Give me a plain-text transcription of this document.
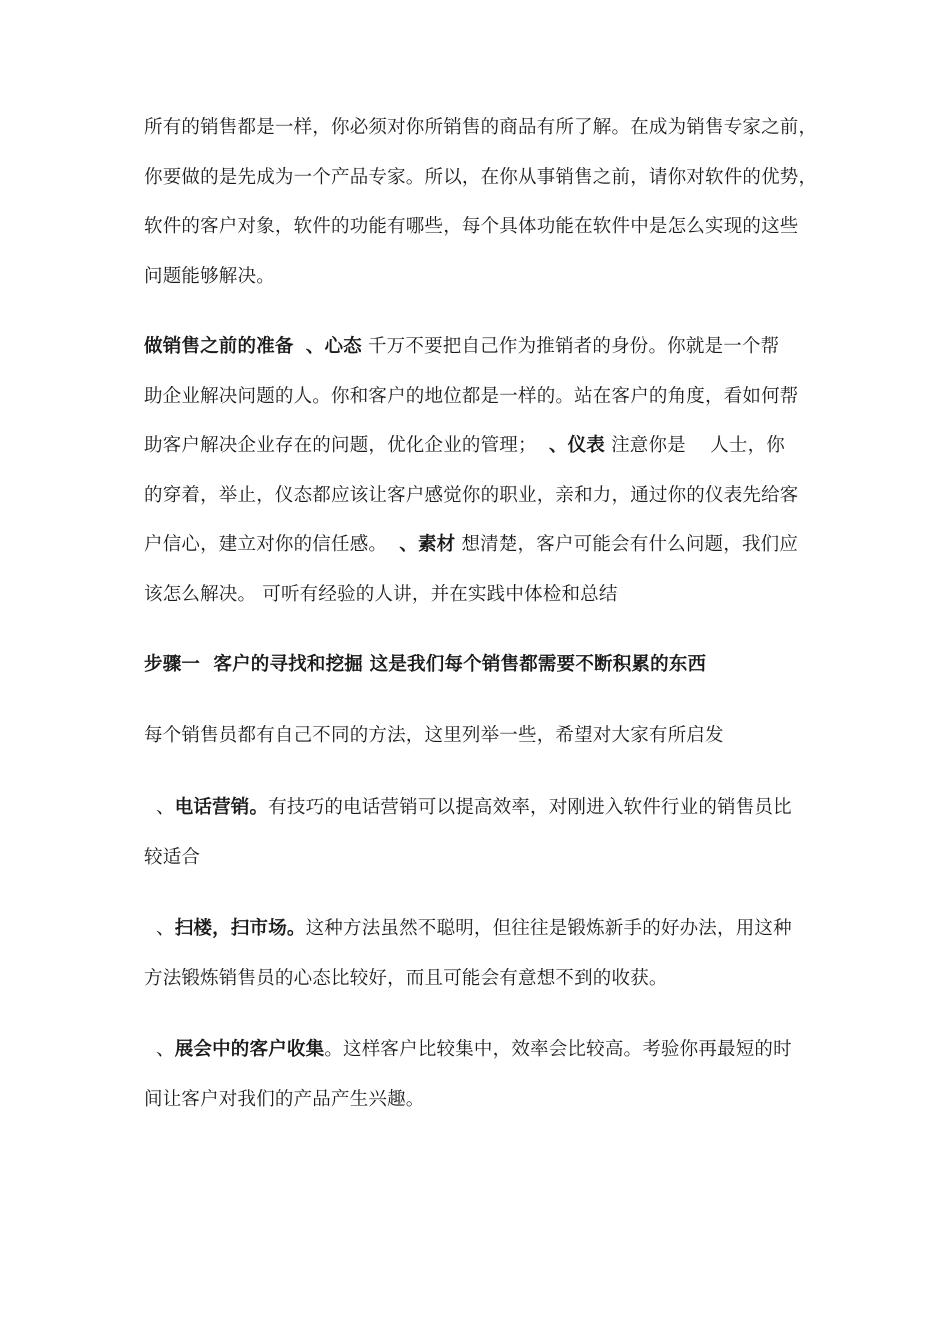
所有的销售都是一样，你必须对你所销售的商品有所了解。在成为销售专家之前，
你要做的是先成为一个产品专家。所以，在你从事销售之前，请你对软件的优势，
软件的客户对象，软件的功能有哪些，每个具体功能在软件中是怎么实现的这些
问题能够解决。
做销售之前的准备 、心态 千万不要把自己作为推销者的身份。你就是一个帮
助企业解决问题的人。你和客户的地位都是一样的。站在客户的角度，看如何帮
助客户解决企业存在的问题，优化企业的管理；  、仪表 注意你是    人士，你
的穿着，举止，仪态都应该让客户感觉你的职业，亲和力，通过你的仪表先给客
户信心，建立对你的信任感。  、素材 想清楚，客户可能会有什么问题，我们应
该怎么解决。 可听有经验的人讲，并在实践中体检和总结
步骤一  客户的寻找和挖掘 这是我们每个销售都需要不断积累的东西
每个销售员都有自己不同的方法，这里列举一些，希望对大家有所启发
、电话营销。有技巧的电话营销可以提高效率，对刚进入软件行业的销售员比
较适合
、扫楼，扫市场。这种方法虽然不聪明，但往往是锻炼新手的好办法，用这种
方法锻炼销售员的心态比较好，而且可能会有意想不到的收获。
、展会中的客户收集。这样客户比较集中，效率会比较高。考验你再最短的时
间让客户对我们的产品产生兴趣。
